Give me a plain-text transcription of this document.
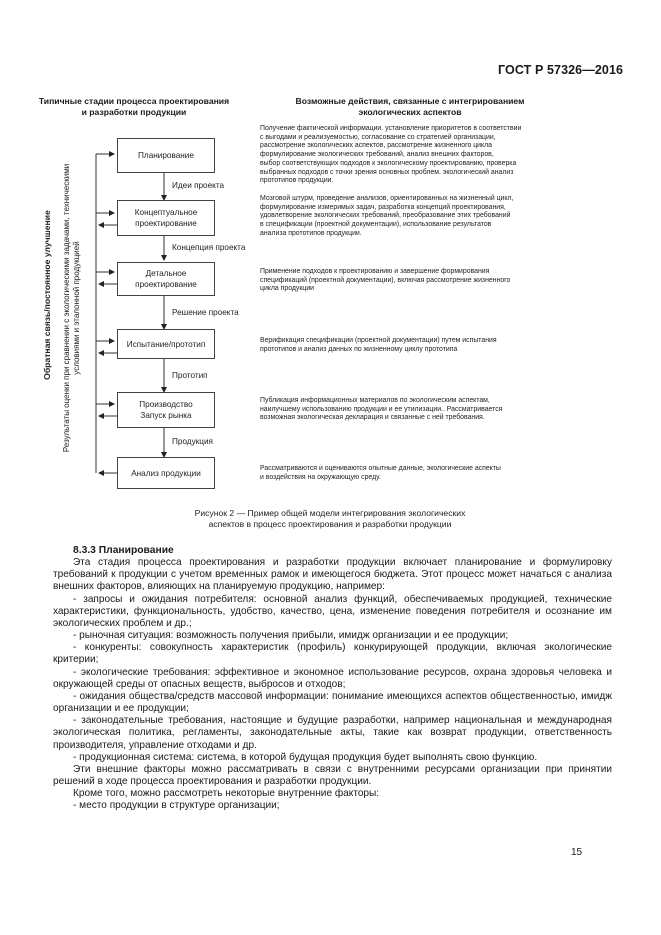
ГОСТ Р 57326—2016
Типичные стадии процесса проектирования
и разработки продукции
Возможные действия, связанные с интегрированием
экологических аспектов
Обратная связь/постоянное улучшение Результаты оценки при сравнении с экологическими задачами, техническими условиями и эталонной продукцией
Планирование
Концептуальное
проектирование
Детальное
проектирование
Испытание/прототип
Производство
Запуск рынка
Анализ продукции
Идеи проекта
Концепция проекта
Решение проекта
Прототип
Продукция
Получение фактической информации. установление приоритетов в соответствии
с выгодами и реализуемостью, согласование со стратегией организации,
рассмотрение экологических аспектов, рассмотрение жизненного цикла
формулирование экологических требований, анализ внешних факторов,
выбор соответствующих подходов к экологическому проектированию, проверка
выбранных подходов с точки зрения основных проблем. экологический анализ
прототипов продукции.
Мозговой штурм, проведение анализов, ориентированных на жизненный цикл,
формулирование измеримых задач, разработка концепций проектирования,
удовлетворение экологических требований, преобразование этих требований
в спецификации (проектной документации), использование результатов
анализа прототипов продукции.
Применение подходов к проектированию и завершение формирования
спецификаций (проектной документации), включая рассмотрение жизненного
цикла продукции
Верификация спецификации (проектной документации) путем испытания
прототипов и анализ данных по жизненному циклу прототипа
Публикация информационных материалов по экологическим аспектам,
наилучшему использованию продукции и ее утилизации.. Рассматривается
возможная экологическая декларация и связанные с ней требования.
Рассматриваются и оцениваются опытные данные, экологические аспекты
и воздействия на окружающую среду.
Рисунок 2 — Пример общей модели интегрирования экологических
аспектов в процесс проектирования и разработки продукции

8.3.3 Планирование

Эта стадия процесса проектирования и разработки продукции включает планирование и формулировку требований к продукции с учетом временных рамок и имеющегося бюджета. Этот процесс может начаться с анализа внешних факторов, влияющих на планируемую продукцию, например:

- запросы и ожидания потребителя: основной анализ функций, обеспечиваемых продукцией, технические характеристики, функциональность, удобство, качество, цена, изменение поведения потребителя и осознание им экологических проблем и др.;

- рыночная ситуация: возможность получения прибыли, имидж организации и ее продукции;

- конкуренты: совокупность характеристик (профиль) конкурирующей продукции, включая экологические критерии;

- экологические требования: эффективное и экономное использование ресурсов, охрана здоровья человека и окружающей среды от опасных веществ, выбросов и отходов;

- ожидания общества/средств массовой информации: понимание имеющихся аспектов общественностью, имидж организации и ее продукции;

- законодательные требования, настоящие и будущие разработки, например национальная и международная экологическая политика, регламенты, законодательные акты, такие как возврат продукции, ответственность производителя, управление отходами и др.

- продукционная система: система, в которой будущая продукция будет выполнять свою функцию.

Эти внешние факторы можно рассматривать в связи с внутренними ресурсами организации при принятии решений в ходе процесса проектирования и разработки продукции.

Кроме того, можно рассмотреть некоторые внутренние факторы:

- место продукции в структуре организации;

15
